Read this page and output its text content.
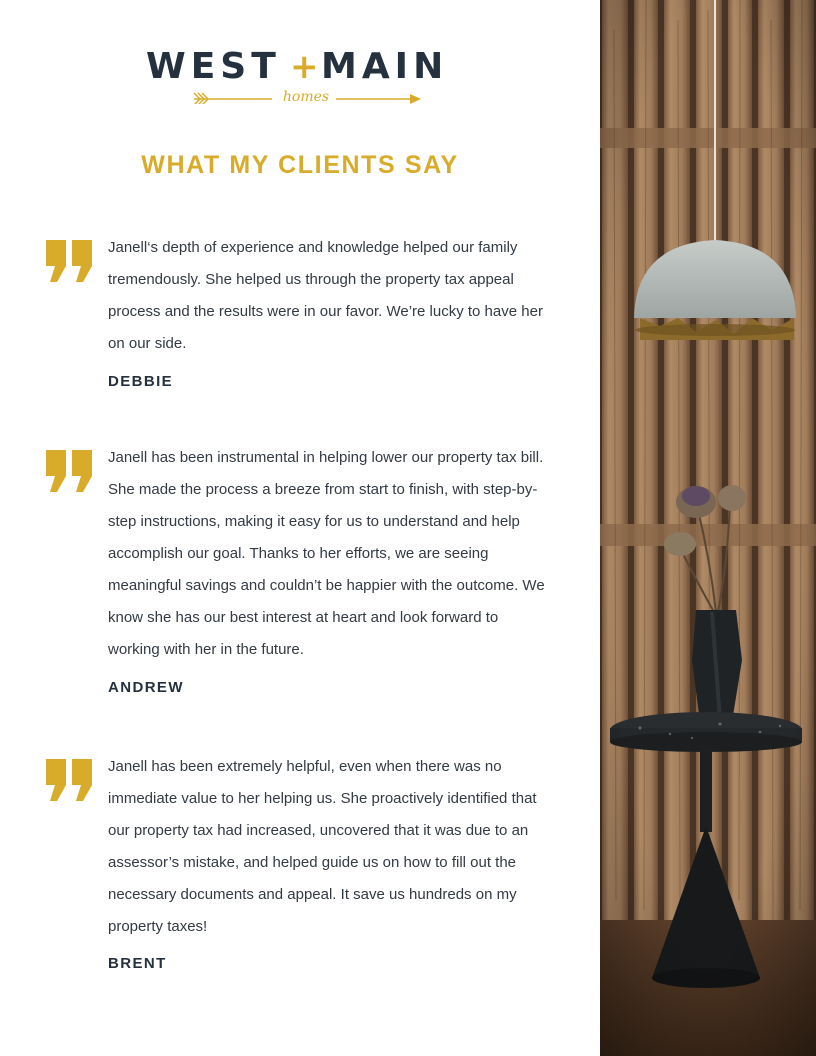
WEST + MAIN
homes
WHAT MY CLIENTS SAY

Janell‘s depth of experience and knowledge helped our family tremendously. She helped us through the property tax appeal process and the results were in our favor. We’re lucky to have her on our side.

DEBBIE

Janell has been instrumental in helping lower our property tax bill. She made the process a breeze from start to finish, with step-by-step instructions, making it easy for us to understand and help accomplish our goal. Thanks to her efforts, we are seeing meaningful savings and couldn’t be happier with the outcome. We know she has our best interest at heart and look forward to working with her in the future.

ANDREW

Janell has been extremely helpful, even when there was no immediate value to her helping us. She proactively identified that our property tax had increased, uncovered that it was due to an assessor’s mistake, and helped guide us on how to fill out the necessary documents and appeal. It save us hundreds on my property taxes!

BRENT
